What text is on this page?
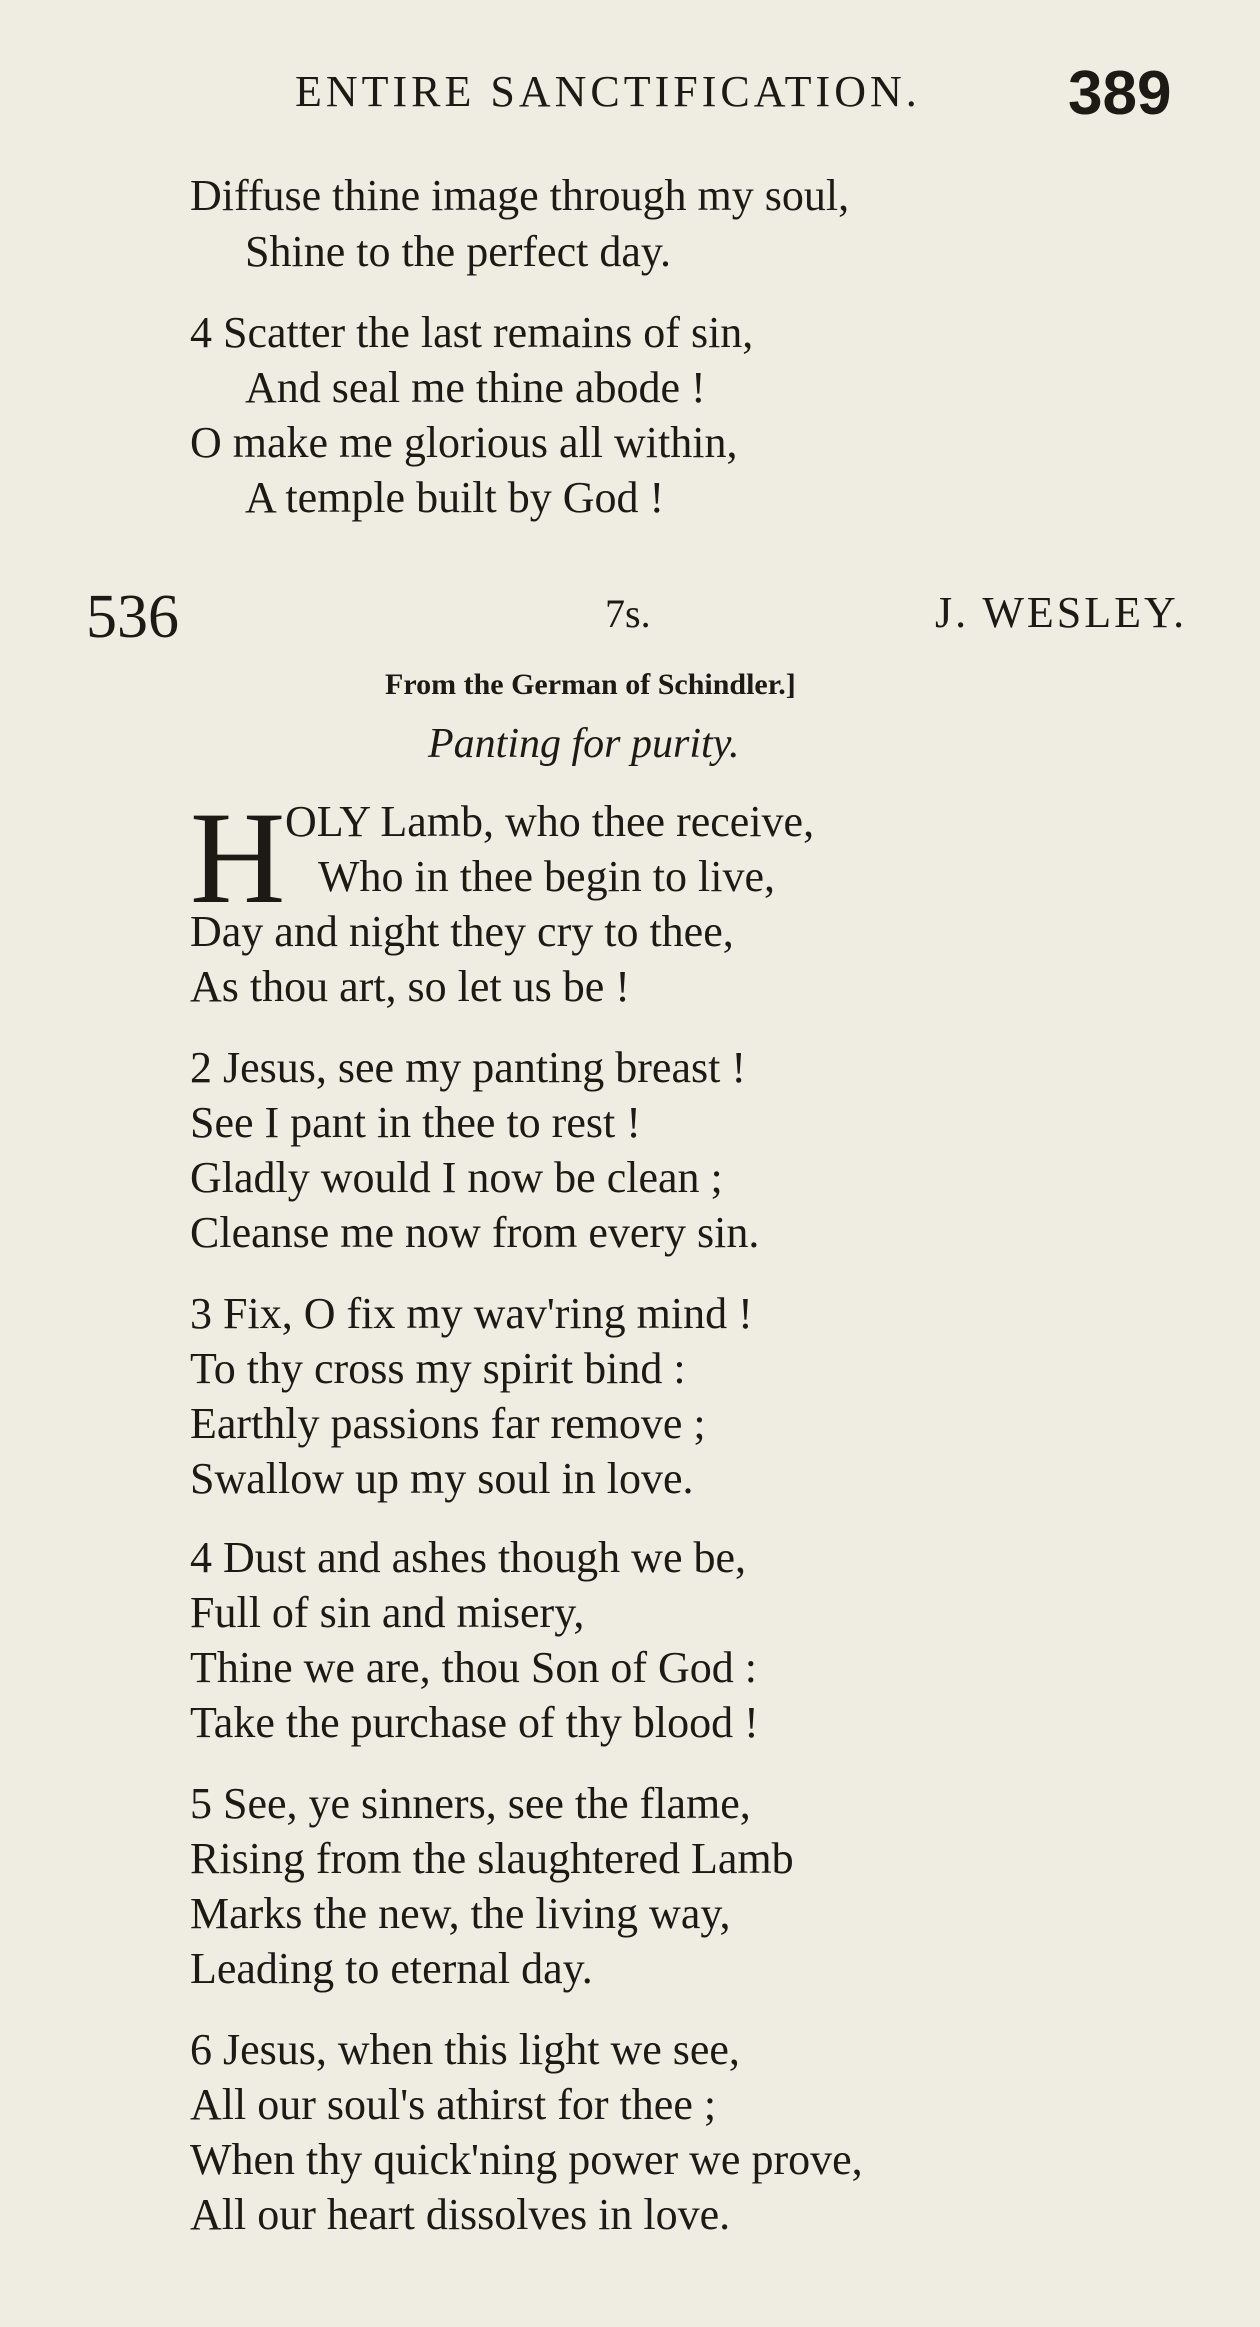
ENTIRE SANCTIFICATION. 389
Diffuse thine image through my soul,
Shine to the perfect day.
4 Scatter the last remains of sin,
And seal me thine abode !
O make me glorious all within,
A temple built by God !
536	7s.	J. WESLEY.
From the German of Schindler.]
Panting for purity.
H OLY Lamb, who thee receive,
Who in thee begin to live,
Day and night they cry to thee,
As thou art, so let us be !
2 Jesus, see my panting breast !
See I pant in thee to rest !
Gladly would I now be clean ;
Cleanse me now from every sin.
3 Fix, O fix my wav'ring mind !
To thy cross my spirit bind :
Earthly passions far remove ;
Swallow up my soul in love.
4 Dust and ashes though we be,
Full of sin and misery,
Thine we are, thou Son of God :
Take the purchase of thy blood !
5 See, ye sinners, see the flame,
Rising from the slaughtered Lamb
Marks the new, the living way,
Leading to eternal day.
6 Jesus, when this light we see,
All our soul's athirst for thee ;
When thy quick'ning power we prove,
All our heart dissolves in love.
